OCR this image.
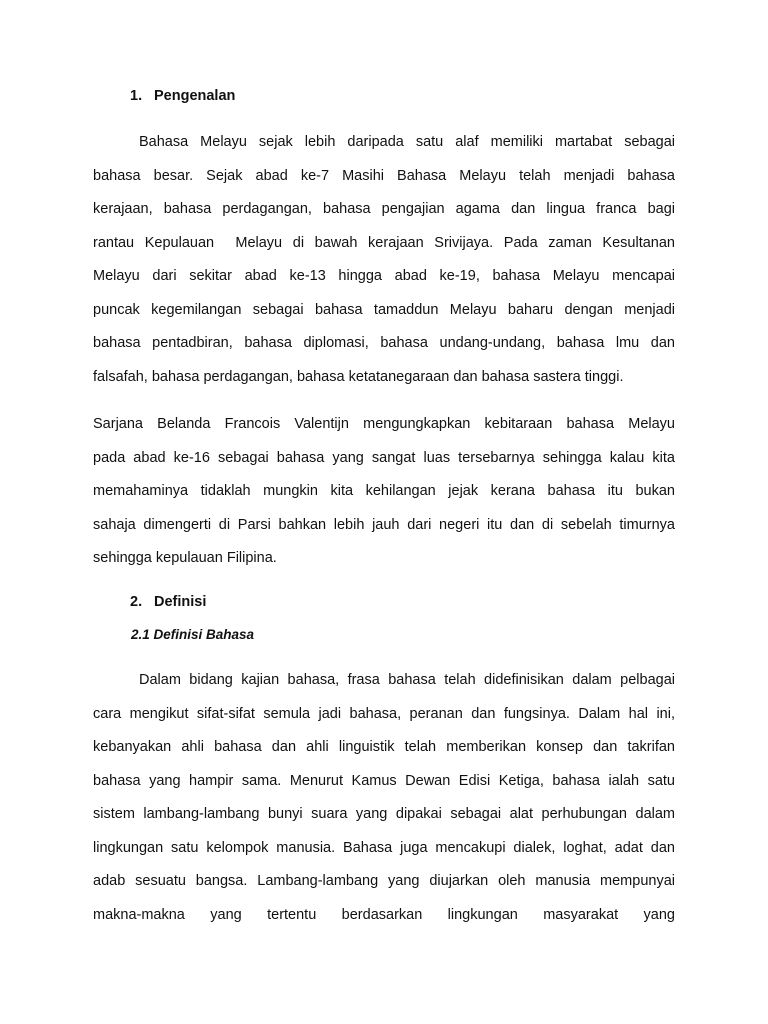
1. Pengenalan
Bahasa Melayu sejak lebih daripada satu alaf memiliki martabat sebagai
bahasa besar. Sejak abad ke-7 Masihi Bahasa Melayu telah menjadi bahasa
kerajaan, bahasa perdagangan, bahasa pengajian agama dan lingua franca bagi
rantau Kepulauan  Melayu di bawah kerajaan Srivijaya. Pada zaman Kesultanan
Melayu dari sekitar abad ke-13 hingga abad ke-19, bahasa Melayu mencapai
puncak kegemilangan sebagai bahasa tamaddun Melayu baharu dengan menjadi
bahasa pentadbiran, bahasa diplomasi, bahasa undang-undang, bahasa lmu dan
falsafah, bahasa perdagangan, bahasa ketatanegaraan dan bahasa sastera tinggi.
Sarjana Belanda Francois Valentijn mengungkapkan kebitaraan bahasa Melayu
pada abad ke-16 sebagai bahasa yang sangat luas tersebarnya sehingga kalau kita
memahaminya tidaklah mungkin kita kehilangan jejak kerana bahasa itu bukan
sahaja dimengerti di Parsi bahkan lebih jauh dari negeri itu dan di sebelah timurnya
sehingga kepulauan Filipina.
2. Definisi
2.1 Definisi Bahasa
Dalam bidang kajian bahasa, frasa bahasa telah didefinisikan dalam pelbagai
cara mengikut sifat-sifat semula jadi bahasa, peranan dan fungsinya. Dalam hal ini,
kebanyakan ahli bahasa dan ahli linguistik telah memberikan konsep dan takrifan
bahasa yang hampir sama. Menurut Kamus Dewan Edisi Ketiga, bahasa ialah satu
sistem lambang-lambang bunyi suara yang dipakai sebagai alat perhubungan dalam
lingkungan satu kelompok manusia. Bahasa juga mencakupi dialek, loghat, adat dan
adab sesuatu bangsa. Lambang-lambang yang diujarkan oleh manusia mempunyai
makna-makna yang tertentu berdasarkan lingkungan masyarakat yang
